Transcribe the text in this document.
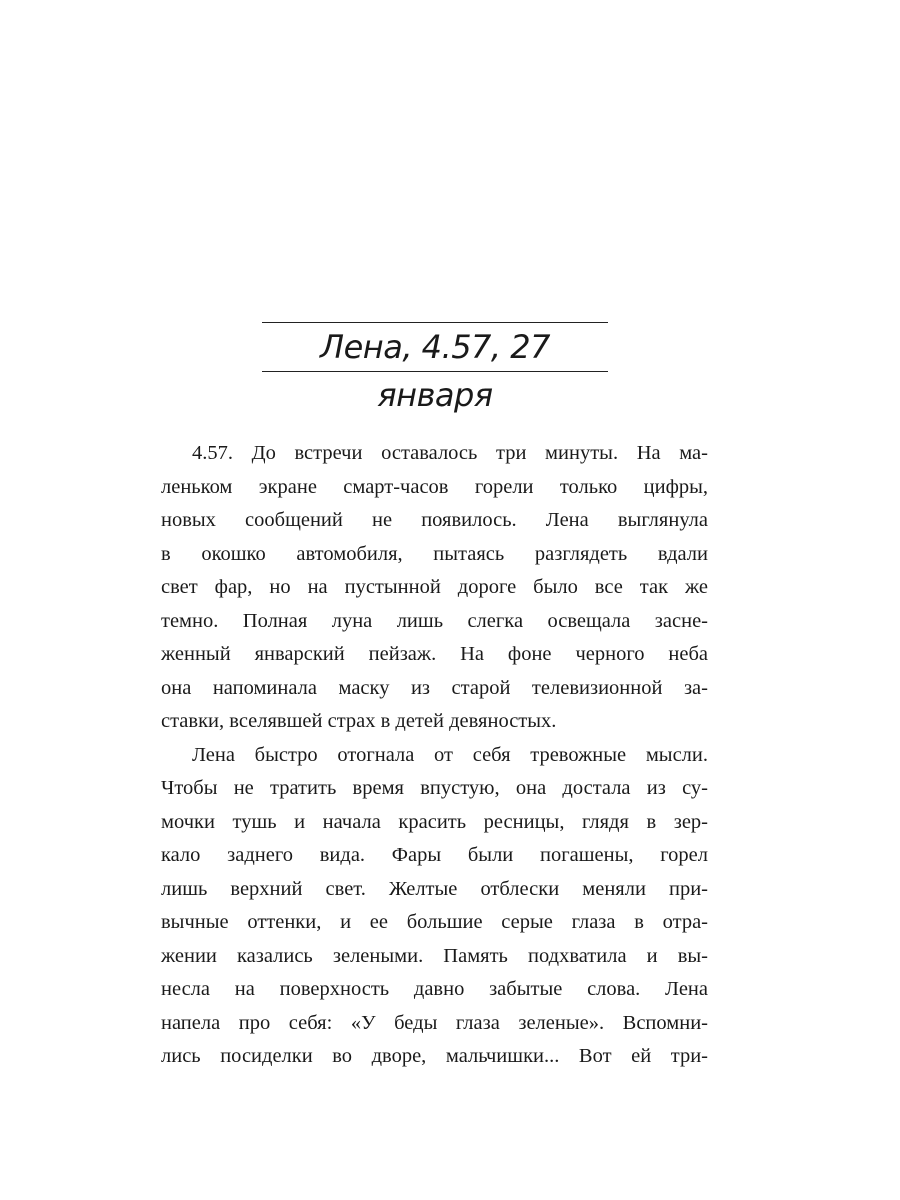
Лена, 4.57, 27 января
4.57. До встречи оставалось три минуты. На ма-
леньком экране смарт-часов горели только цифры,
новых сообщений не появилось. Лена выглянула
в окошко автомобиля, пытаясь разглядеть вдали
свет фар, но на пустынной дороге было все так же
темно. Полная луна лишь слегка освещала засне-
женный январский пейзаж. На фоне черного неба
она напоминала маску из старой телевизионной за-
ставки, вселявшей страх в детей девяностых.
Лена быстро отогнала от себя тревожные мысли.
Чтобы не тратить время впустую, она достала из су-
мочки тушь и начала красить ресницы, глядя в зер-
кало заднего вида. Фары были погашены, горел
лишь верхний свет. Желтые отблески меняли при-
вычные оттенки, и ее большие серые глаза в отра-
жении казались зелеными. Память подхватила и вы-
несла на поверхность давно забытые слова. Лена
напела про себя: «У беды глаза зеленые». Вспомни-
лись посиделки во дворе, мальчишки... Вот ей три-
